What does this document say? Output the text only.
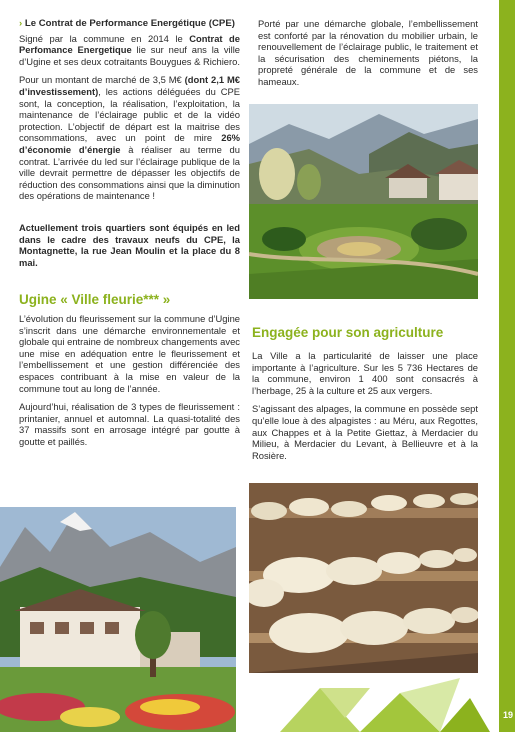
› Le Contrat de Performance Energétique (CPE)

Signé par la commune en 2014 le Contrat de Perfomance Energetique lie sur neuf ans la ville d’Ugine et ses deux cotraitants Bouygues & Richiero.

Pour un montant de marché de 3,5 M€ (dont 2,1 M€ d’investissement), les actions déléguées du CPE sont, la conception, la réalisation, l’exploitation, la maintenance de l’éclairage public et de la vidéo protection. L’objectif de départ est la maitrise des consommations, avec un point de mire 26% d’économie d’énergie à réaliser au terme du contrat. L’arrivée du led sur l’éclairage publique de la ville devrait permettre de dépasser les objectifs de réduction des consommations ainsi que la diminution des opérations de maintenance !

Actuellement trois quartiers sont équipés en led dans le cadre des travaux neufs du CPE, la Montagnette, la rue Jean Moulin et la place du 8 mai.

Ugine « Ville fleurie*** »

L’évolution du fleurissement sur la commune d’Ugine s’inscrit dans une démarche environnementale et globale qui entraine de nombreux changements avec une mise en adéquation entre le fleurissement et l’embellissement et une gestion différenciée des espaces contribuant à la mise en valeur de la commune tout au long de l’année.

Aujourd’hui, réalisation de 3 types de fleurissement : printanier, annuel et automnal. La quasi-totalité des 37 massifs sont en arrosage intégré par goutte à goutte et paillés.

Porté par une démarche globale, l’embellissement est conforté par la rénovation du mobilier urbain, le renouvellement de l’éclairage public, le traitement et la sécurisation des cheminements piétons, la propreté générale de la commune et de ses hameaux.

Engagée pour son agriculture

La Ville a la particularité de laisser une place importante à l’agriculture. Sur les 5 736 Hectares de la commune, environ 1 400 sont consacrés à l’herbage, 25 à la culture et 25 aux vergers.

S’agissant des alpages, la commune en possède sept qu’elle loue à des alpagistes : au Méru, aux Regottes, aux Chappes et à la Petite Giettaz, à Merdacier du Milieu, à Merdacier du Levant, à Bellieuvre et à la Rosière.

19
